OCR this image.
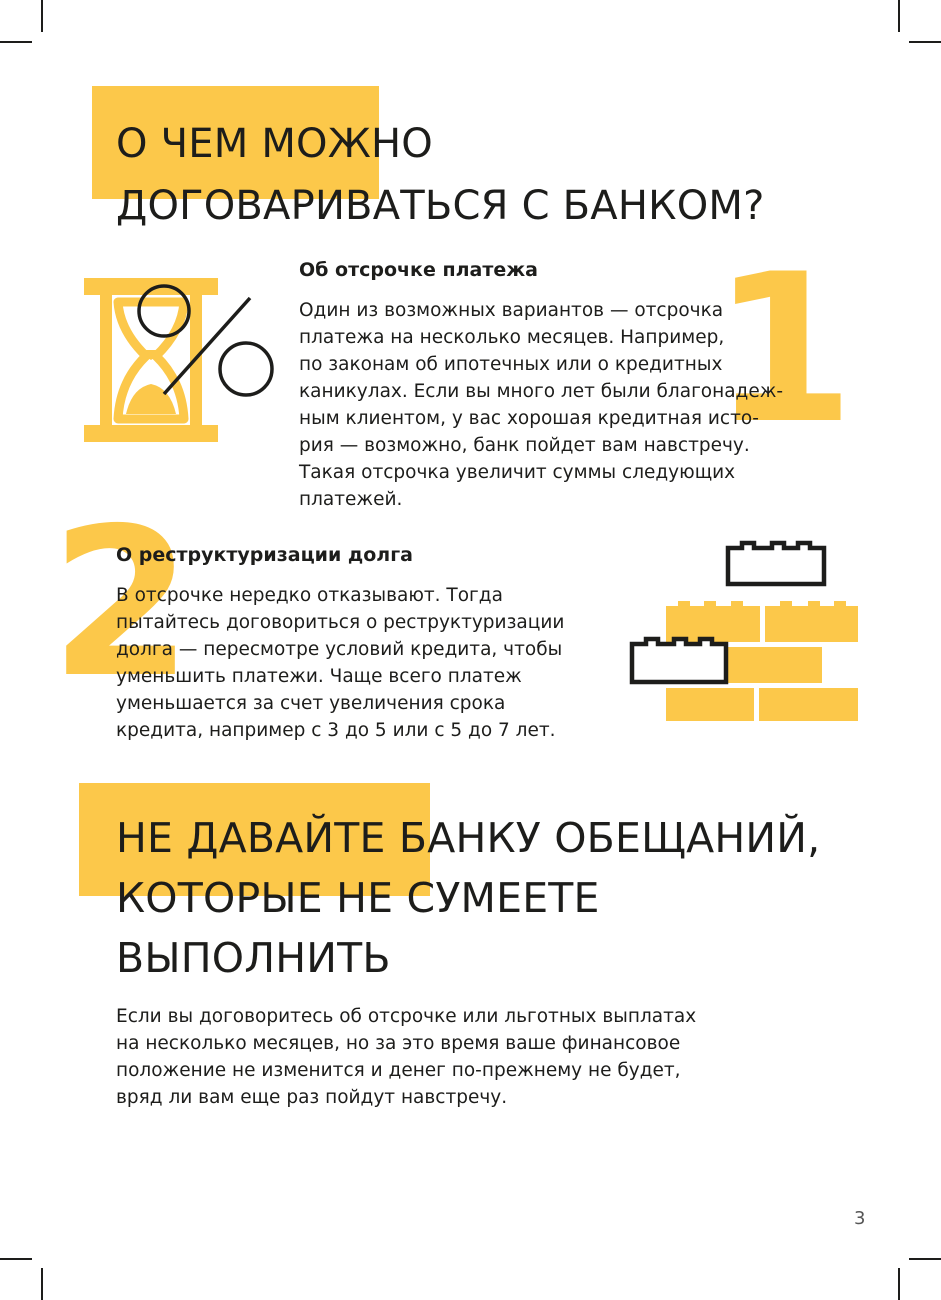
О ЧЕМ МОЖНО
ДОГОВАРИВАТЬСЯ С БАНКОМ?
1
Об отсрочке платежа

Один из возможных вариантов — отсрочка
платежа на несколько месяцев. Например,
по законам об ипотечных или о кредитных
каникулах. Если вы много лет были благонадеж-
ным клиентом, у вас хорошая кредитная исто-
рия — возможно, банк пойдет вам навстречу.
Такая отсрочка увеличит суммы следующих
платежей.

2
О реструктуризации долга

В отсрочке нередко отказывают. Тогда
пытайтесь договориться о реструктуризации
долга — пересмотре условий кредита, чтобы
уменьшить платежи. Чаще всего платеж
уменьшается за счет увеличения срока
кредита, например с 3 до 5 или с 5 до 7 лет.

НЕ ДАВАЙТЕ БАНКУ ОБЕЩАНИЙ,
КОТОРЫЕ НЕ СУМЕЕТЕ
ВЫПОЛНИТЬ

Если вы договоритесь об отсрочке или льготных выплатах
на несколько месяцев, но за это время ваше финансовое
положение не изменится и денег по-прежнему не будет,
вряд ли вам еще раз пойдут навстречу.

3
